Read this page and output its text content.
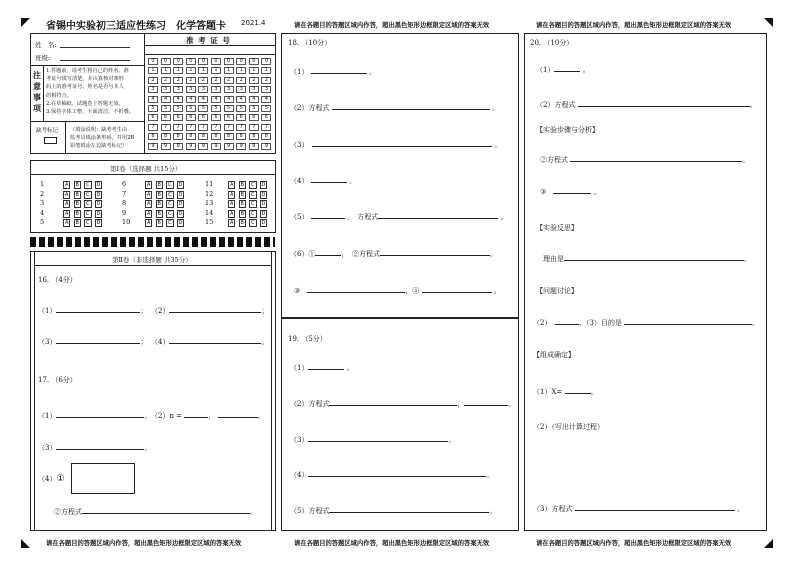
省锡中实验初三适应性练习 化学答题卡 2021.4	请在各题目的答题区域内作答，超出黑色矩形边框限定区域的答案无效	请在各题目的答题区域内作答，超出黑色矩形边框限定区域的答案无效
请在各题目的答题区域内作答，超出黑色矩形边框限定区域的答案无效	请在各题目的答题区域内作答，超出黑色矩形边框限定区域的答案无效	请在各题目的答题区域内作答，超出黑色矩形边框限定区域的答案无效
姓　名:
班级:
注意事项
1.答题前，请考生将自己的姓名、准
考证号填写清楚，并认真核对条形
码上的准考证号、姓名是否与本人
的相符合。
2.在草稿纸、试题卷上答题无效。
3.保持字体工整、卡面清洁，不折叠。
缺考标记 （填涂说明：缺考考生由
监考员填涂条形码，并用2B
铅笔填涂左边缺考标记）
准 考 证 号
0	0	0	0	0	0	0	0	0	0
1	1	1	1	1	1	1	1	1	1
2	2	2	2	2	2	2	2	2	2
3	3	3	3	3	3	3	3	3	3
4	4	4	4	4	4	4	4	4	4
5	5	5	5	5	5	5	5	5	5
6	6	6	6	6	6	6	6	6	6
7	7	7	7	7	7	7	7	7	7
8	8	8	8	8	8	8	8	8	8
9	9	9	9	9	9	9	9	9	9
第Ⅰ卷（选择题 共15分）
1	A	B	C	D
2	A	B	C	D
3	A	B	C	D
4	A	B	C	D
5	A	B	C	D
6	A	B	C	D
7	A	B	C	D
8	A	B	C	D
9	A	B	C	D
10	A	B	C	D
11	A	B	C	D
12	A	B	C	D
13	A	B	C	D
14	A	B	C	D
15	A	B	C	D
第Ⅱ卷（非选择题 共35分）
16. （4分）
（1）	； （2）	；
（3）	； （4）	。
17. （6分）
（1）	。 （2）n =	，	。
（3）	。
（4）①
②方程式	。
18. （10分）
（1）	。
（2）方程式	。
（3）　	。
（4）	。
（5）	，　方程式	。
（6）①	，　②方程式	。
③　	，④	。
19. （5分）
（1）	。
（2）方程式	，	。
（3）	。
（4）	。
（5）方程式	。
20. （10分）
（1）	。
（2）方程式	。
【实验步骤与分析】
②方程式	。
③　	。
【实验反思】
理由是	。
【问题讨论】
（2）　	、（3）目的是	。
【组成确定】
（1）X=	。
（2）（写出计算过程）
（3）方程式	。
